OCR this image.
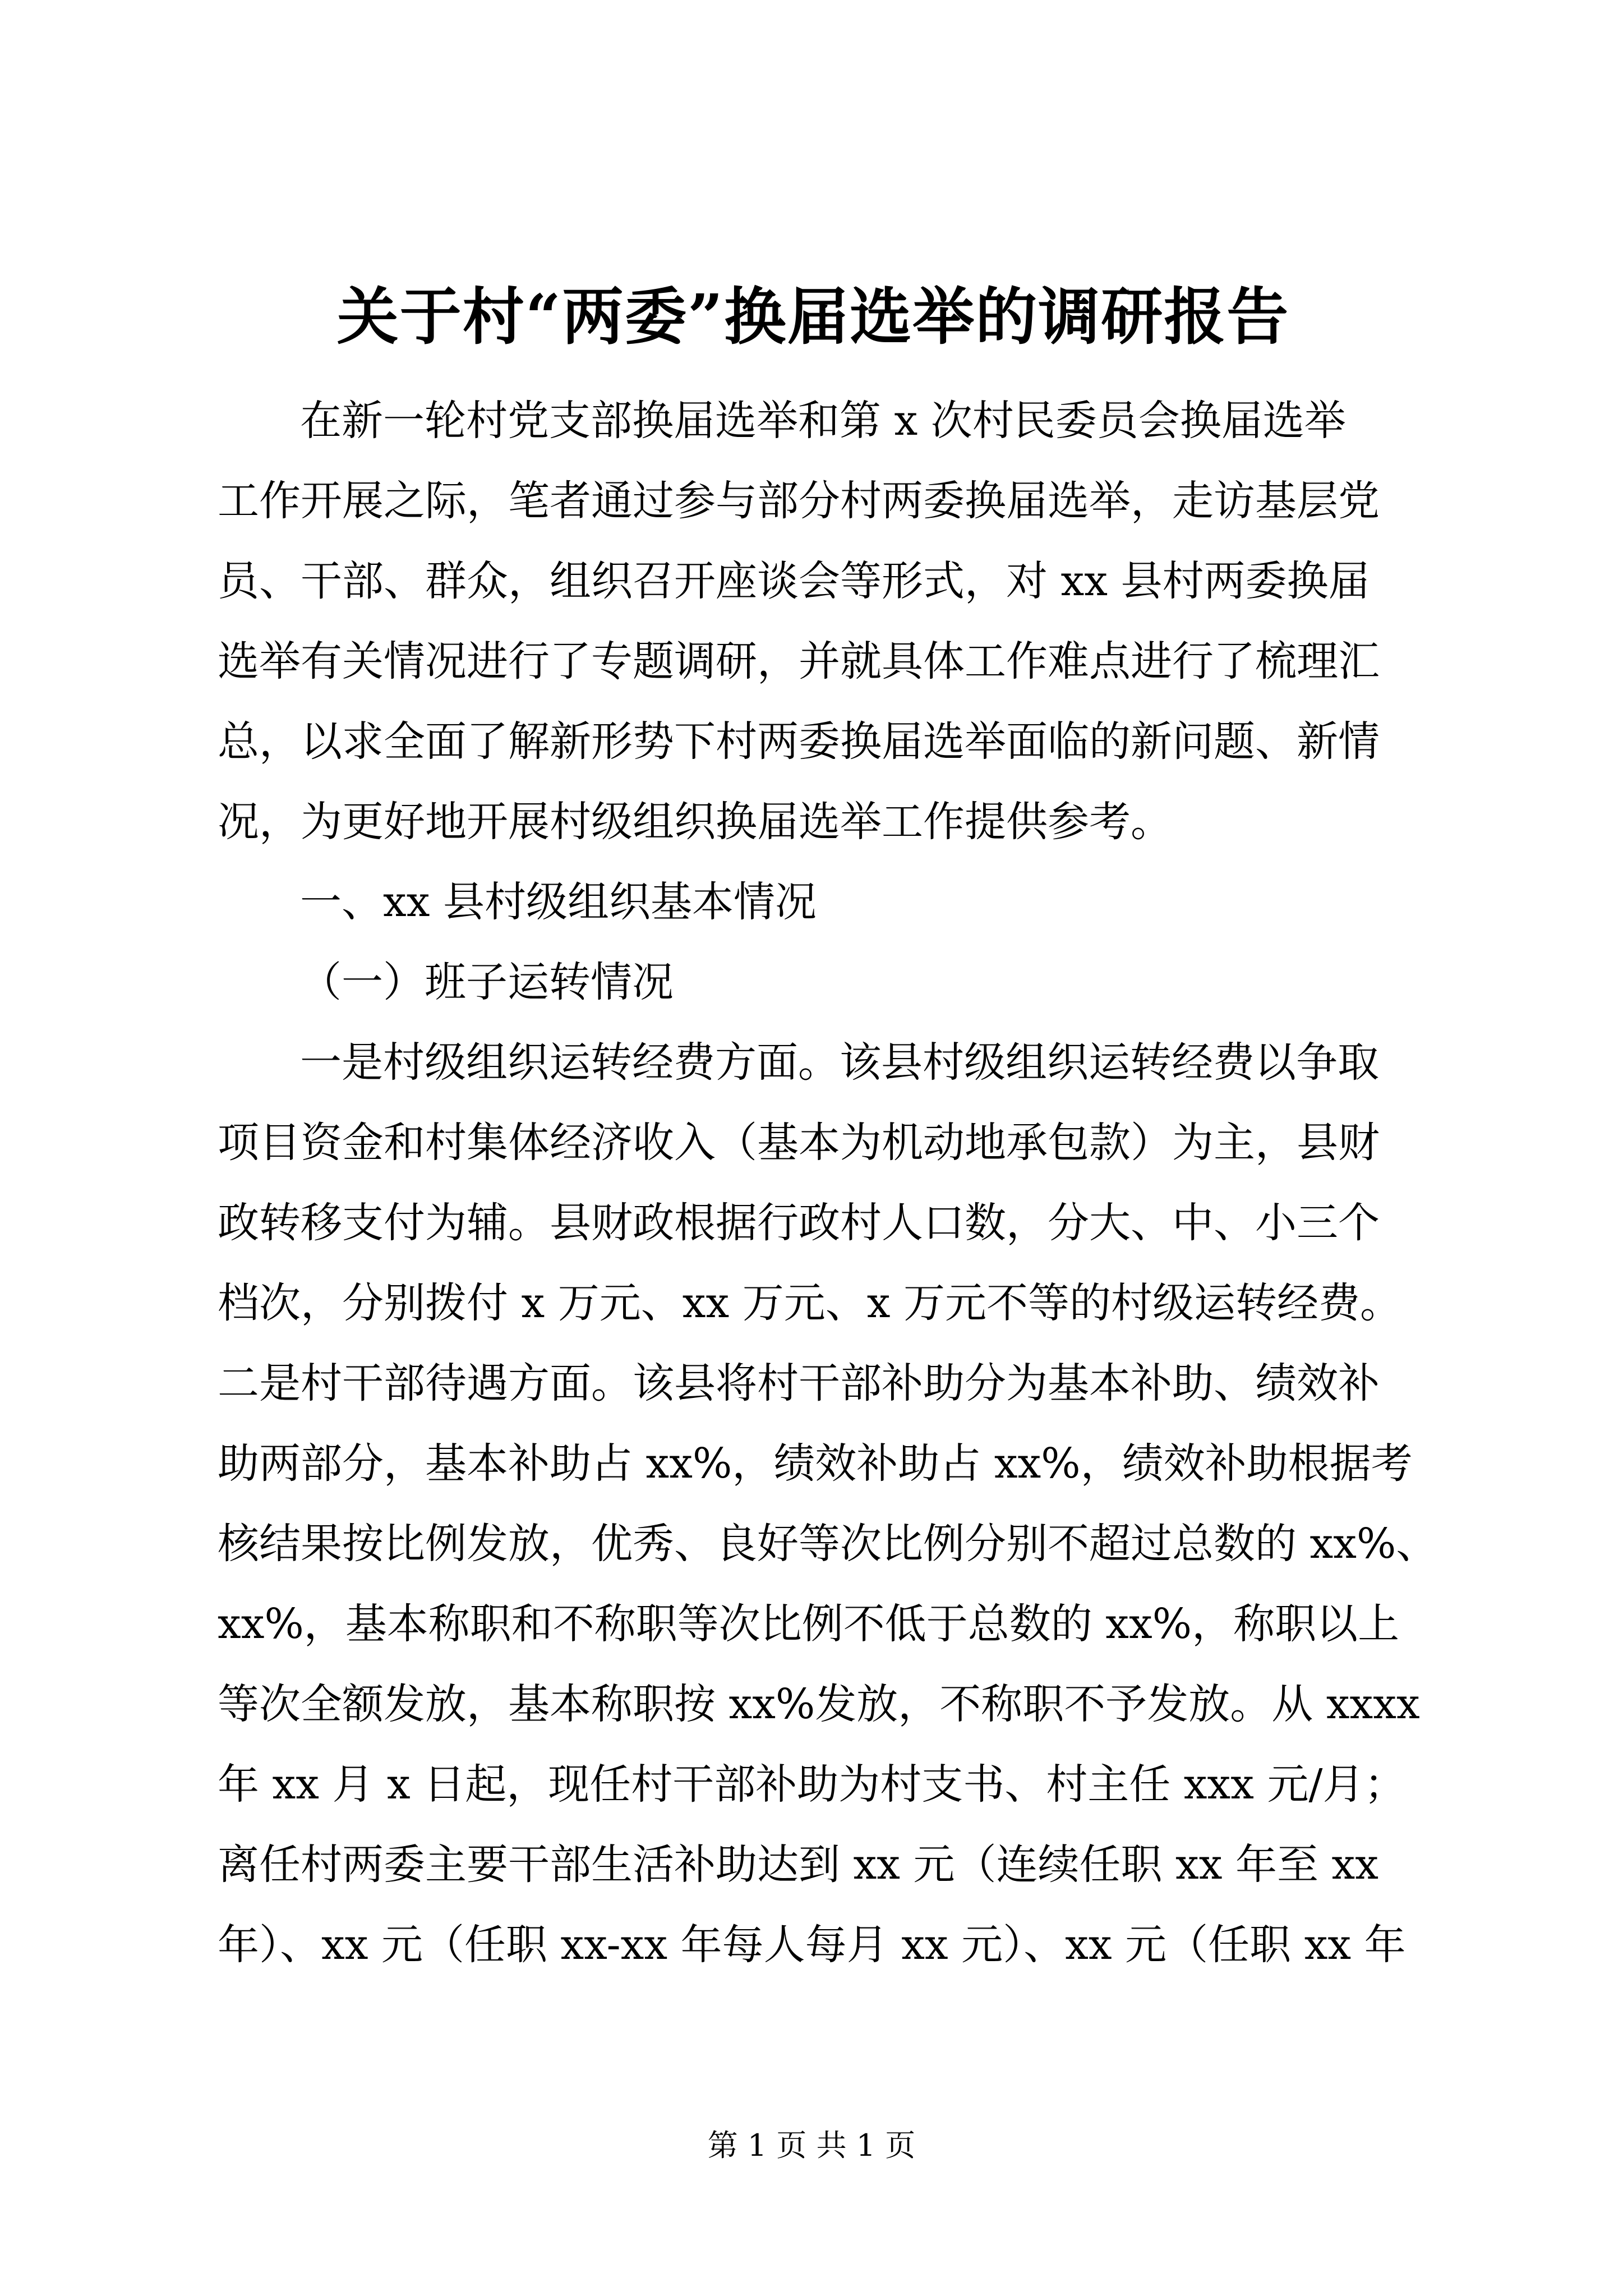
关于村“两委”换届选举的调研报告
在新一轮村党支部换届选举和第 x 次村民委员会换届选举
工作开展之际，笔者通过参与部分村两委换届选举，走访基层党
员、干部、群众，组织召开座谈会等形式，对 xx 县村两委换届
选举有关情况进行了专题调研，并就具体工作难点进行了梳理汇
总，以求全面了解新形势下村两委换届选举面临的新问题、新情
况，为更好地开展村级组织换届选举工作提供参考。
一、xx 县村级组织基本情况
（一）班子运转情况
一是村级组织运转经费方面。该县村级组织运转经费以争取
项目资金和村集体经济收入（基本为机动地承包款）为主，县财
政转移支付为辅。县财政根据行政村人口数，分大、中、小三个
档次，分别拨付 x 万元、xx 万元、x 万元不等的村级运转经费。
二是村干部待遇方面。该县将村干部补助分为基本补助、绩效补
助两部分，基本补助占 xx%，绩效补助占 xx%，绩效补助根据考
核结果按比例发放，优秀、良好等次比例分别不超过总数的 xx%、
xx%，基本称职和不称职等次比例不低于总数的 xx%，称职以上
等次全额发放，基本称职按 xx%发放，不称职不予发放。从 xxxx
年 xx 月 x 日起，现任村干部补助为村支书、村主任 xxx 元/月；
离任村两委主要干部生活补助达到 xx 元（连续任职 xx 年至 xx
年）、xx 元（任职 xx-xx 年每人每月 xx 元）、xx 元（任职 xx 年
第 1 页 共 1 页
